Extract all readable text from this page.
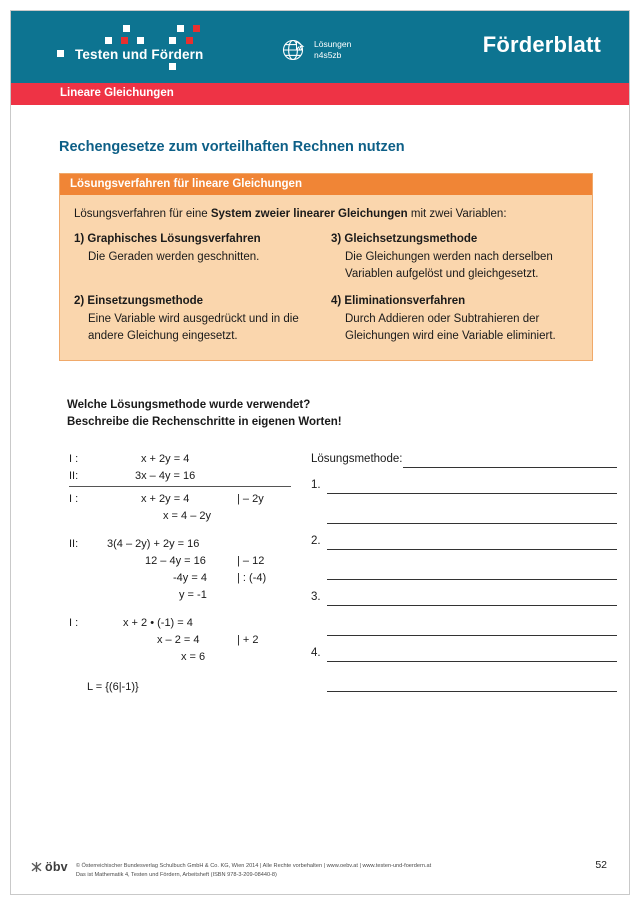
Testen und Fördern
Lösungen
n4s5zb	Förderblatt
Lineare Gleichungen
Rechengesetze zum vorteilhaften Rechnen nutzen
Lösungsverfahren für lineare Gleichungen
Lösungsverfahren für eine System zweier linearer Gleichungen mit zwei Variablen:
1) Graphisches Lösungsverfahren
Die Geraden werden geschnitten.
3) Gleichsetzungsmethode
Die Gleichungen werden nach derselben Variablen aufgelöst und gleichgesetzt.
2) Einsetzungsmethode
Eine Variable wird ausgedrückt und in die andere Gleichung eingesetzt.
4) Eliminationsverfahren
Durch Addieren oder Subtrahieren der Gleichungen wird eine Variable eliminiert.
Welche Lösungsmethode wurde verwendet?
Beschreibe die Rechenschritte in eigenen Worten!
I :	x + 2y = 4
II:	3x – 4y = 16
I :	x + 2y = 4	| – 2y
x = 4 – 2y
II:	3(4 – 2y) + 2y = 16
12 – 4y = 16	| – 12
-4y = 4	| : (-4)
y = -1
I :	x + 2 • (-1) = 4
x – 2 = 4	| + 2
x = 6
L = {(6|-1)}
Lösungsmethode:
1.
2.
3.
4.
öbv © Österreichischer Bundesverlag Schulbuch GmbH & Co. KG, Wien 2014 | Alle Rechte vorbehalten | www.oebv.at | www.testen-und-foerdern.at
Das ist Mathematik 4, Testen und Fördern, Arbeitsheft (ISBN 978-3-209-08440-8)
52
